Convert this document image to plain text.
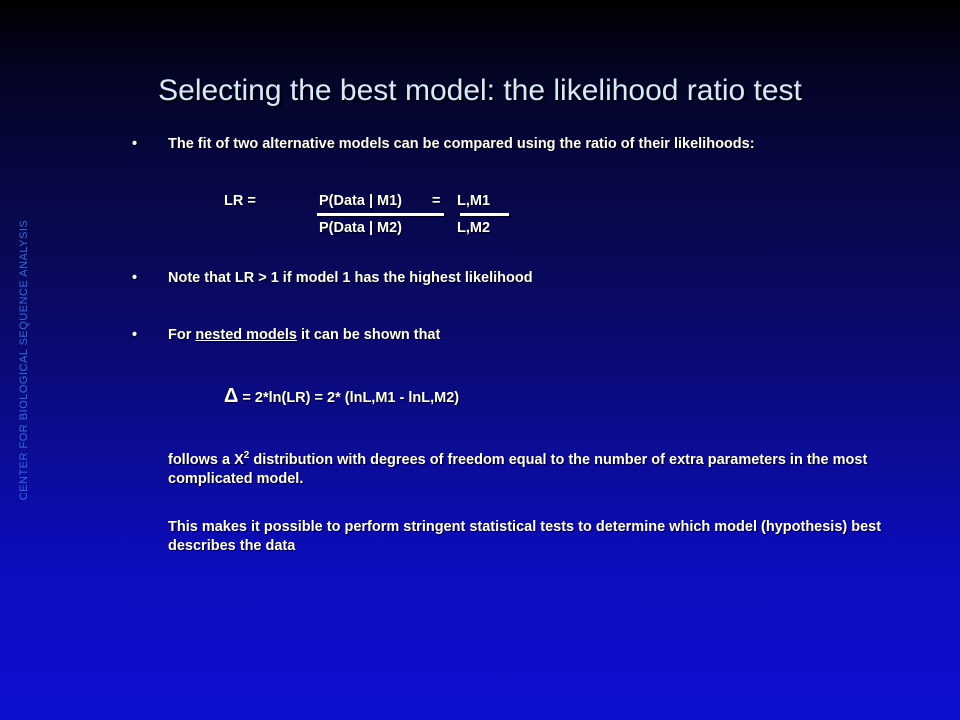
CENTER FOR BIOLOGICAL SEQUENCE ANALYSIS
Selecting the best model: the likelihood ratio test
• The fit of two alternative models can be compared using the ratio of their likelihoods:
LR =	P(Data | M1) = L,M1
P(Data | M2)	L,M2
• Note that LR > 1 if model 1 has the highest likelihood
• For nested models it can be shown that
Δ = 2*ln(LR) = 2* (lnL,M1 - lnL,M2)
follows a $X^2$ distribution with degrees of freedom equal to the number of extra parameters in the most complicated model.
This makes it possible to perform stringent statistical tests to determine which model (hypothesis) best describes the data
